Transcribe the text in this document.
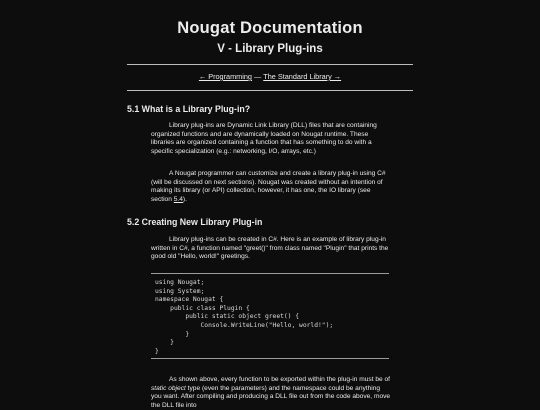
Nougat Documentation
V - Library Plug-ins
← Programming — The Standard Library →
5.1 What is a Library Plug-in?

Library plug-ins are Dynamic Link Library (DLL) files that are containing organized functions and are dynamically loaded on Nougat runtime. These libraries are organized containing a function that has something to do with a specific specialization (e.g.: networking, I/O, arrays, etc.)

A Nougat programmer can customize and create a library plug-in using C# (will be discussed on next sections). Nougat was created without an intention of making its library (or API) collection, however, it has one, the IO library (see section 5.4).

5.2 Creating New Library Plug-in

Library plug-ins can be created in C#. Here is an example of library plug-in written in C#, a function named "greet()" from class named "Plugin" that prints the good old "Hello, world!" greetings.

using Nougat;
using System;
namespace Nougat {
public class Plugin {
public static object greet() {
Console.WriteLine("Hello, world!");
}
}
}

As shown above, every function to be exported within the plug-in must be of static object type (even the parameters) and the namespace could be anything you want. After compiling and producing a DLL file out from the code above, move the DLL file into
